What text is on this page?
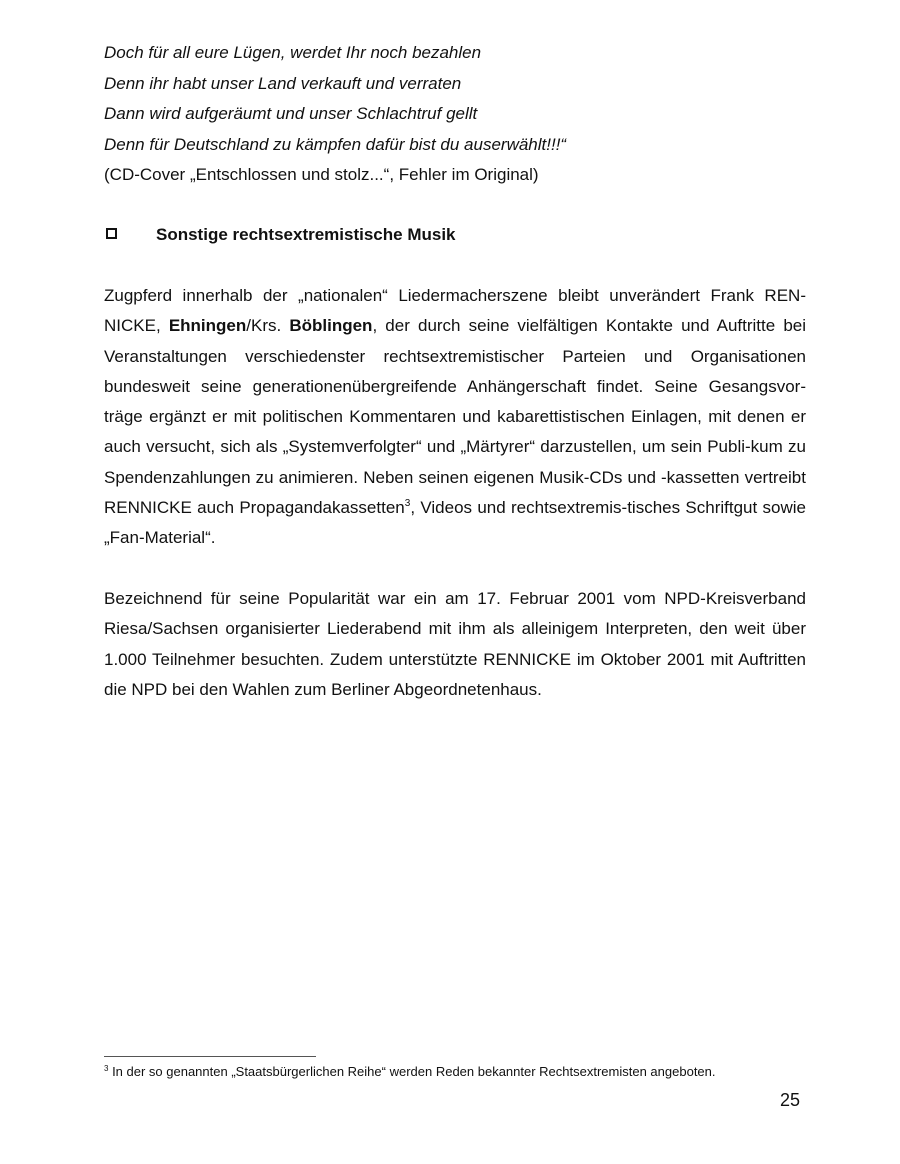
Doch für all eure Lügen, werdet Ihr noch bezahlen
Denn ihr habt unser Land verkauft und verraten
Dann wird aufgeräumt und unser Schlachtruf gellt
Denn für Deutschland zu kämpfen dafür bist du auserwählt!!!“
(CD-Cover „Entschlossen und stolz...“, Fehler im Original)
Sonstige rechtsextremistische Musik

Zugpferd innerhalb der „nationalen“ Liedermacherszene bleibt unverändert Frank REN-NICKE, Ehningen/Krs. Böblingen, der durch seine vielfältigen Kontakte und Auftritte bei Veranstaltungen verschiedenster rechtsextremistischer Parteien und Organisationen bundesweit seine generationenübergreifende Anhängerschaft findet. Seine Gesangsvor-träge ergänzt er mit politischen Kommentaren und kabarettistischen Einlagen, mit denen er auch versucht, sich als „Systemverfolgter“ und „Märtyrer“ darzustellen, um sein Publi-kum zu Spendenzahlungen zu animieren. Neben seinen eigenen Musik-CDs und -kassetten vertreibt RENNICKE auch Propagandakassetten$^3$, Videos und rechtsextremis-tisches Schriftgut sowie „Fan-Material“.

Bezeichnend für seine Popularität war ein am 17. Februar 2001 vom NPD-Kreisverband Riesa/Sachsen organisierter Liederabend mit ihm als alleinigem Interpreten, den weit über 1.000 Teilnehmer besuchten. Zudem unterstützte RENNICKE im Oktober 2001 mit Auftritten die NPD bei den Wahlen zum Berliner Abgeordnetenhaus.

$^3$ In der so genannten „Staatsbürgerlichen Reihe“ werden Reden bekannter Rechtsextremisten angeboten.
25
